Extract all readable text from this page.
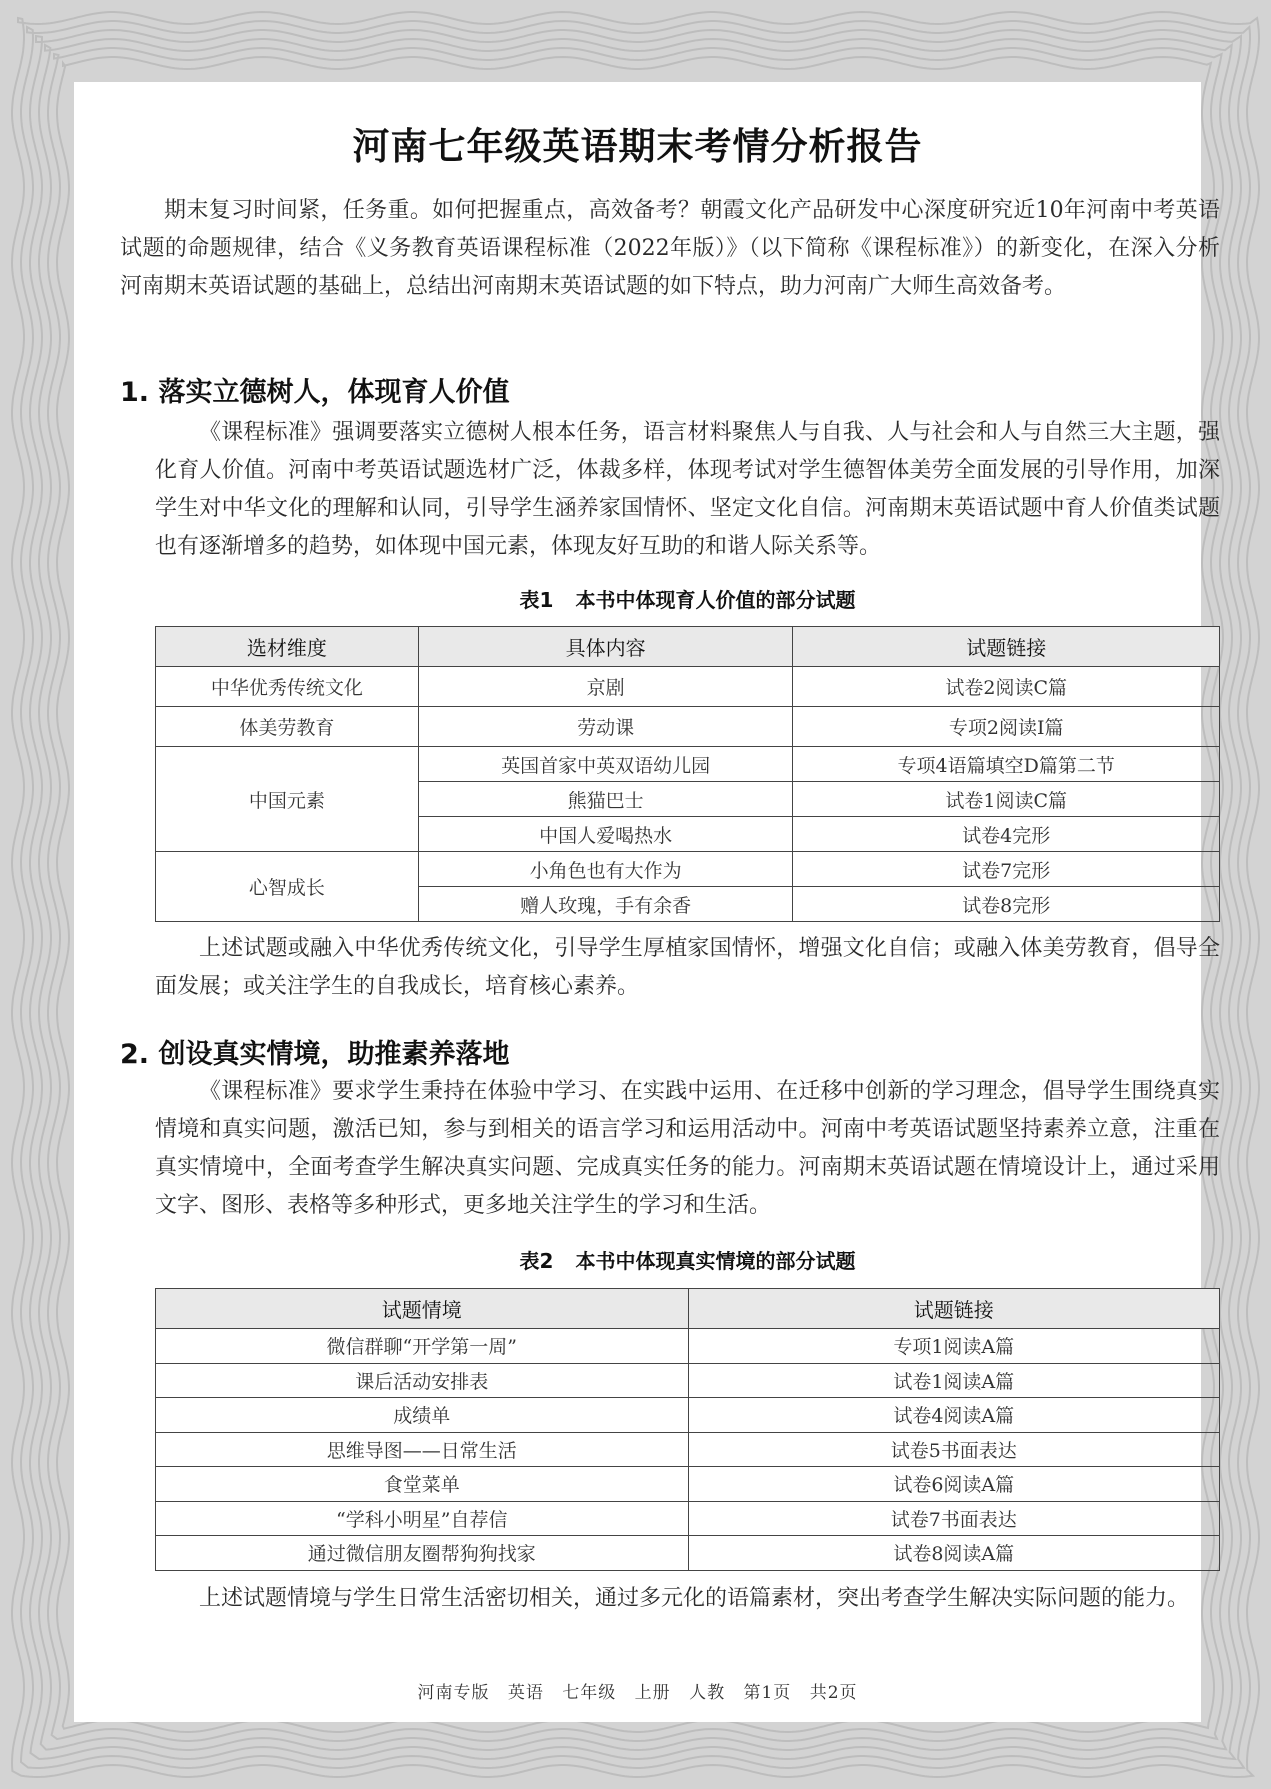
河南七年级英语期末考情分析报告
期末复习时间紧，任务重。如何把握重点，高效备考？朝霞文化产品研发中心深度研究近10年河南中考英语试题的命题规律，结合《义务教育英语课程标准（2022年版）》（以下简称《课程标准》）的新变化，在深入分析河南期末英语试题的基础上，总结出河南期末英语试题的如下特点，助力河南广大师生高效备考。
1. 落实立德树人，体现育人价值
《课程标准》强调要落实立德树人根本任务，语言材料聚焦人与自我、人与社会和人与自然三大主题，强化育人价值。河南中考英语试题选材广泛，体裁多样，体现考试对学生德智体美劳全面发展的引导作用，加深学生对中华文化的理解和认同，引导学生涵养家国情怀、坚定文化自信。河南期末英语试题中育人价值类试题也有逐渐增多的趋势，如体现中国元素，体现友好互助的和谐人际关系等。
表1 本书中体现育人价值的部分试题
选材维度	具体内容	试题链接
中华优秀传统文化	京剧	试卷2阅读C篇
体美劳教育	劳动课	专项2阅读I篇
中国元素	英国首家中英双语幼儿园	专项4语篇填空D篇第二节
	熊猫巴士	试卷1阅读C篇
	中国人爱喝热水	试卷4完形
心智成长	小角色也有大作为	试卷7完形
	赠人玫瑰，手有余香	试卷8完形
上述试题或融入中华优秀传统文化，引导学生厚植家国情怀，增强文化自信；或融入体美劳教育，倡导全面发展；或关注学生的自我成长，培育核心素养。
2. 创设真实情境，助推素养落地
《课程标准》要求学生秉持在体验中学习、在实践中运用、在迁移中创新的学习理念，倡导学生围绕真实情境和真实问题，激活已知，参与到相关的语言学习和运用活动中。河南中考英语试题坚持素养立意，注重在真实情境中，全面考查学生解决真实问题、完成真实任务的能力。河南期末英语试题在情境设计上，通过采用文字、图形、表格等多种形式，更多地关注学生的学习和生活。
表2 本书中体现真实情境的部分试题
试题情境	试题链接
微信群聊“开学第一周”	专项1阅读A篇
课后活动安排表	试卷1阅读A篇
成绩单	试卷4阅读A篇
思维导图——日常生活	试卷5书面表达
食堂菜单	试卷6阅读A篇
“学科小明星”自荐信	试卷7书面表达
通过微信朋友圈帮狗狗找家	试卷8阅读A篇
上述试题情境与学生日常生活密切相关，通过多元化的语篇素材，突出考查学生解决实际问题的能力。
河南专版 英语 七年级 上册 人教 第1页 共2页
